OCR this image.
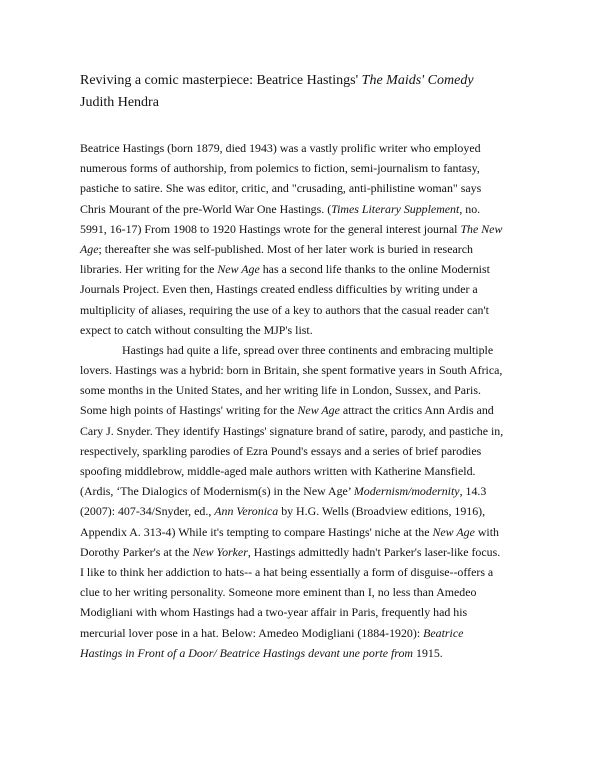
Reviving a comic masterpiece: Beatrice Hastings' The Maids' Comedy
Judith Hendra
Beatrice Hastings (born 1879, died 1943) was a vastly prolific writer who employed
numerous forms of authorship, from polemics to fiction, semi-journalism to fantasy,
pastiche to satire. She was editor, critic, and "crusading, anti-philistine woman" says
Chris Mourant of the pre-World War One Hastings. (Times Literary Supplement, no.
5991, 16-17) From 1908 to 1920 Hastings wrote for the general interest journal The New
Age; thereafter she was self-published. Most of her later work is buried in research
libraries. Her writing for the New Age has a second life thanks to the online Modernist
Journals Project. Even then, Hastings created endless difficulties by writing under a
multiplicity of aliases, requiring the use of a key to authors that the casual reader can't
expect to catch without consulting the MJP's list.
Hastings had quite a life, spread over three continents and embracing multiple
lovers. Hastings was a hybrid: born in Britain, she spent formative years in South Africa,
some months in the United States, and her writing life in London, Sussex, and Paris.
Some high points of Hastings' writing for the New Age attract the critics Ann Ardis and
Cary J. Snyder. They identify Hastings' signature brand of satire, parody, and pastiche in,
respectively, sparkling parodies of Ezra Pound's essays and a series of brief parodies
spoofing middlebrow, middle-aged male authors written with Katherine Mansfield.
(Ardis, ‘The Dialogics of Modernism(s) in the New Age’ Modernism/modernity, 14.3
(2007): 407-34/Snyder, ed., Ann Veronica by H.G. Wells (Broadview editions, 1916),
Appendix A. 313-4) While it's tempting to compare Hastings' niche at the New Age with
Dorothy Parker's at the New Yorker, Hastings admittedly hadn't Parker's laser-like focus.
I like to think her addiction to hats-- a hat being essentially a form of disguise--offers a
clue to her writing personality. Someone more eminent than I, no less than Amedeo
Modigliani with whom Hastings had a two-year affair in Paris, frequently had his
mercurial lover pose in a hat. Below: Amedeo Modigliani (1884-1920): Beatrice
Hastings in Front of a Door/ Beatrice Hastings devant une porte from 1915.
